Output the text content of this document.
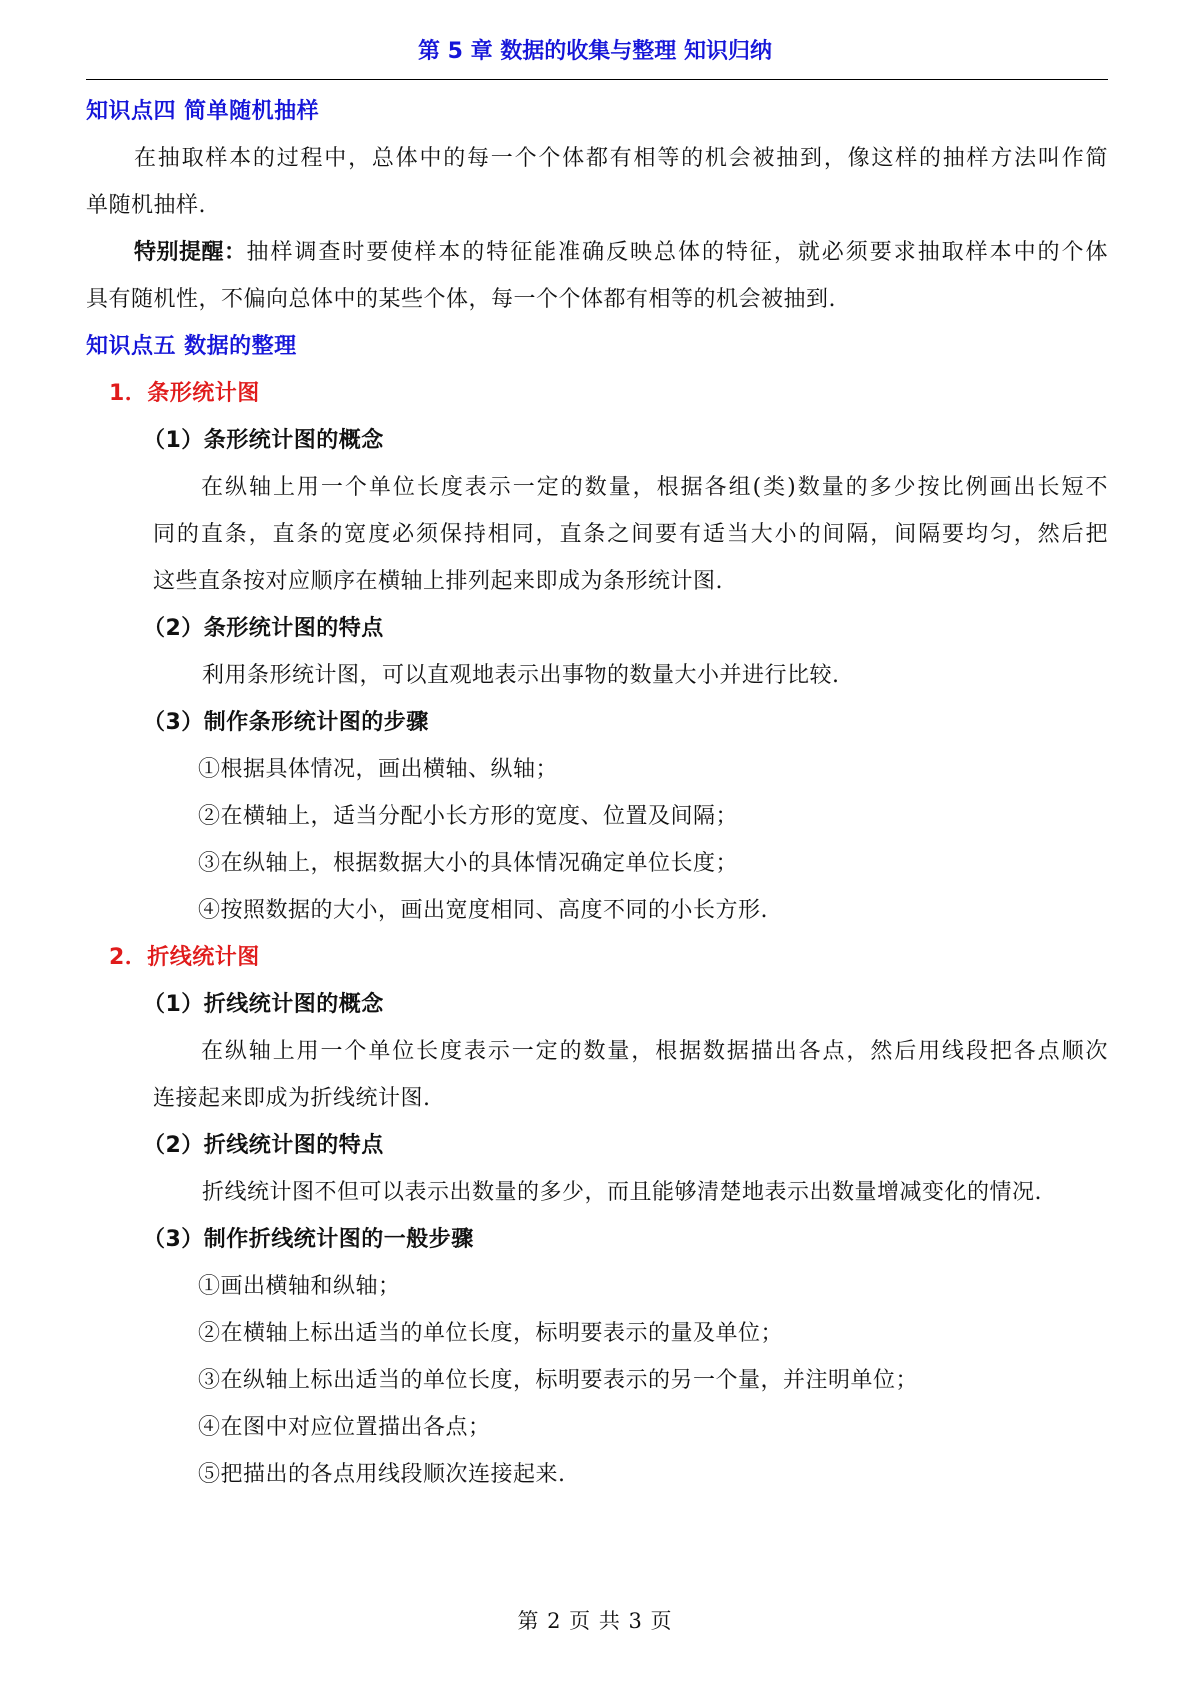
第 5 章 数据的收集与整理 知识归纳
知识点四 简单随机抽样
在抽取样本的过程中，总体中的每一个个体都有相等的机会被抽到，像这样的抽样方法叫作简
单随机抽样.
特别提醒： 抽样调查时要使样本的特征能准确反映总体的特征，就必须要求抽取样本中的个体
具有随机性，不偏向总体中的某些个体，每一个个体都有相等的机会被抽到.
知识点五 数据的整理
1．条形统计图
（1）条形统计图的概念
在纵轴上用一个单位长度表示一定的数量，根据各组(类)数量的多少按比例画出长短不
同的直条，直条的宽度必须保持相同，直条之间要有适当大小的间隔，间隔要均匀，然后把
这些直条按对应顺序在横轴上排列起来即成为条形统计图.
（2）条形统计图的特点
利用条形统计图，可以直观地表示出事物的数量大小并进行比较.
（3）制作条形统计图的步骤
①根据具体情况，画出横轴、纵轴；
②在横轴上，适当分配小长方形的宽度、位置及间隔；
③在纵轴上，根据数据大小的具体情况确定单位长度；
④按照数据的大小，画出宽度相同、高度不同的小长方形.
2．折线统计图
（1）折线统计图的概念
在纵轴上用一个单位长度表示一定的数量，根据数据描出各点，然后用线段把各点顺次
连接起来即成为折线统计图.
（2）折线统计图的特点
折线统计图不但可以表示出数量的多少，而且能够清楚地表示出数量增减变化的情况.
（3）制作折线统计图的一般步骤
①画出横轴和纵轴；
②在横轴上标出适当的单位长度，标明要表示的量及单位；
③在纵轴上标出适当的单位长度，标明要表示的另一个量，并注明单位；
④在图中对应位置描出各点；
⑤把描出的各点用线段顺次连接起来.
第 2 页 共 3 页
